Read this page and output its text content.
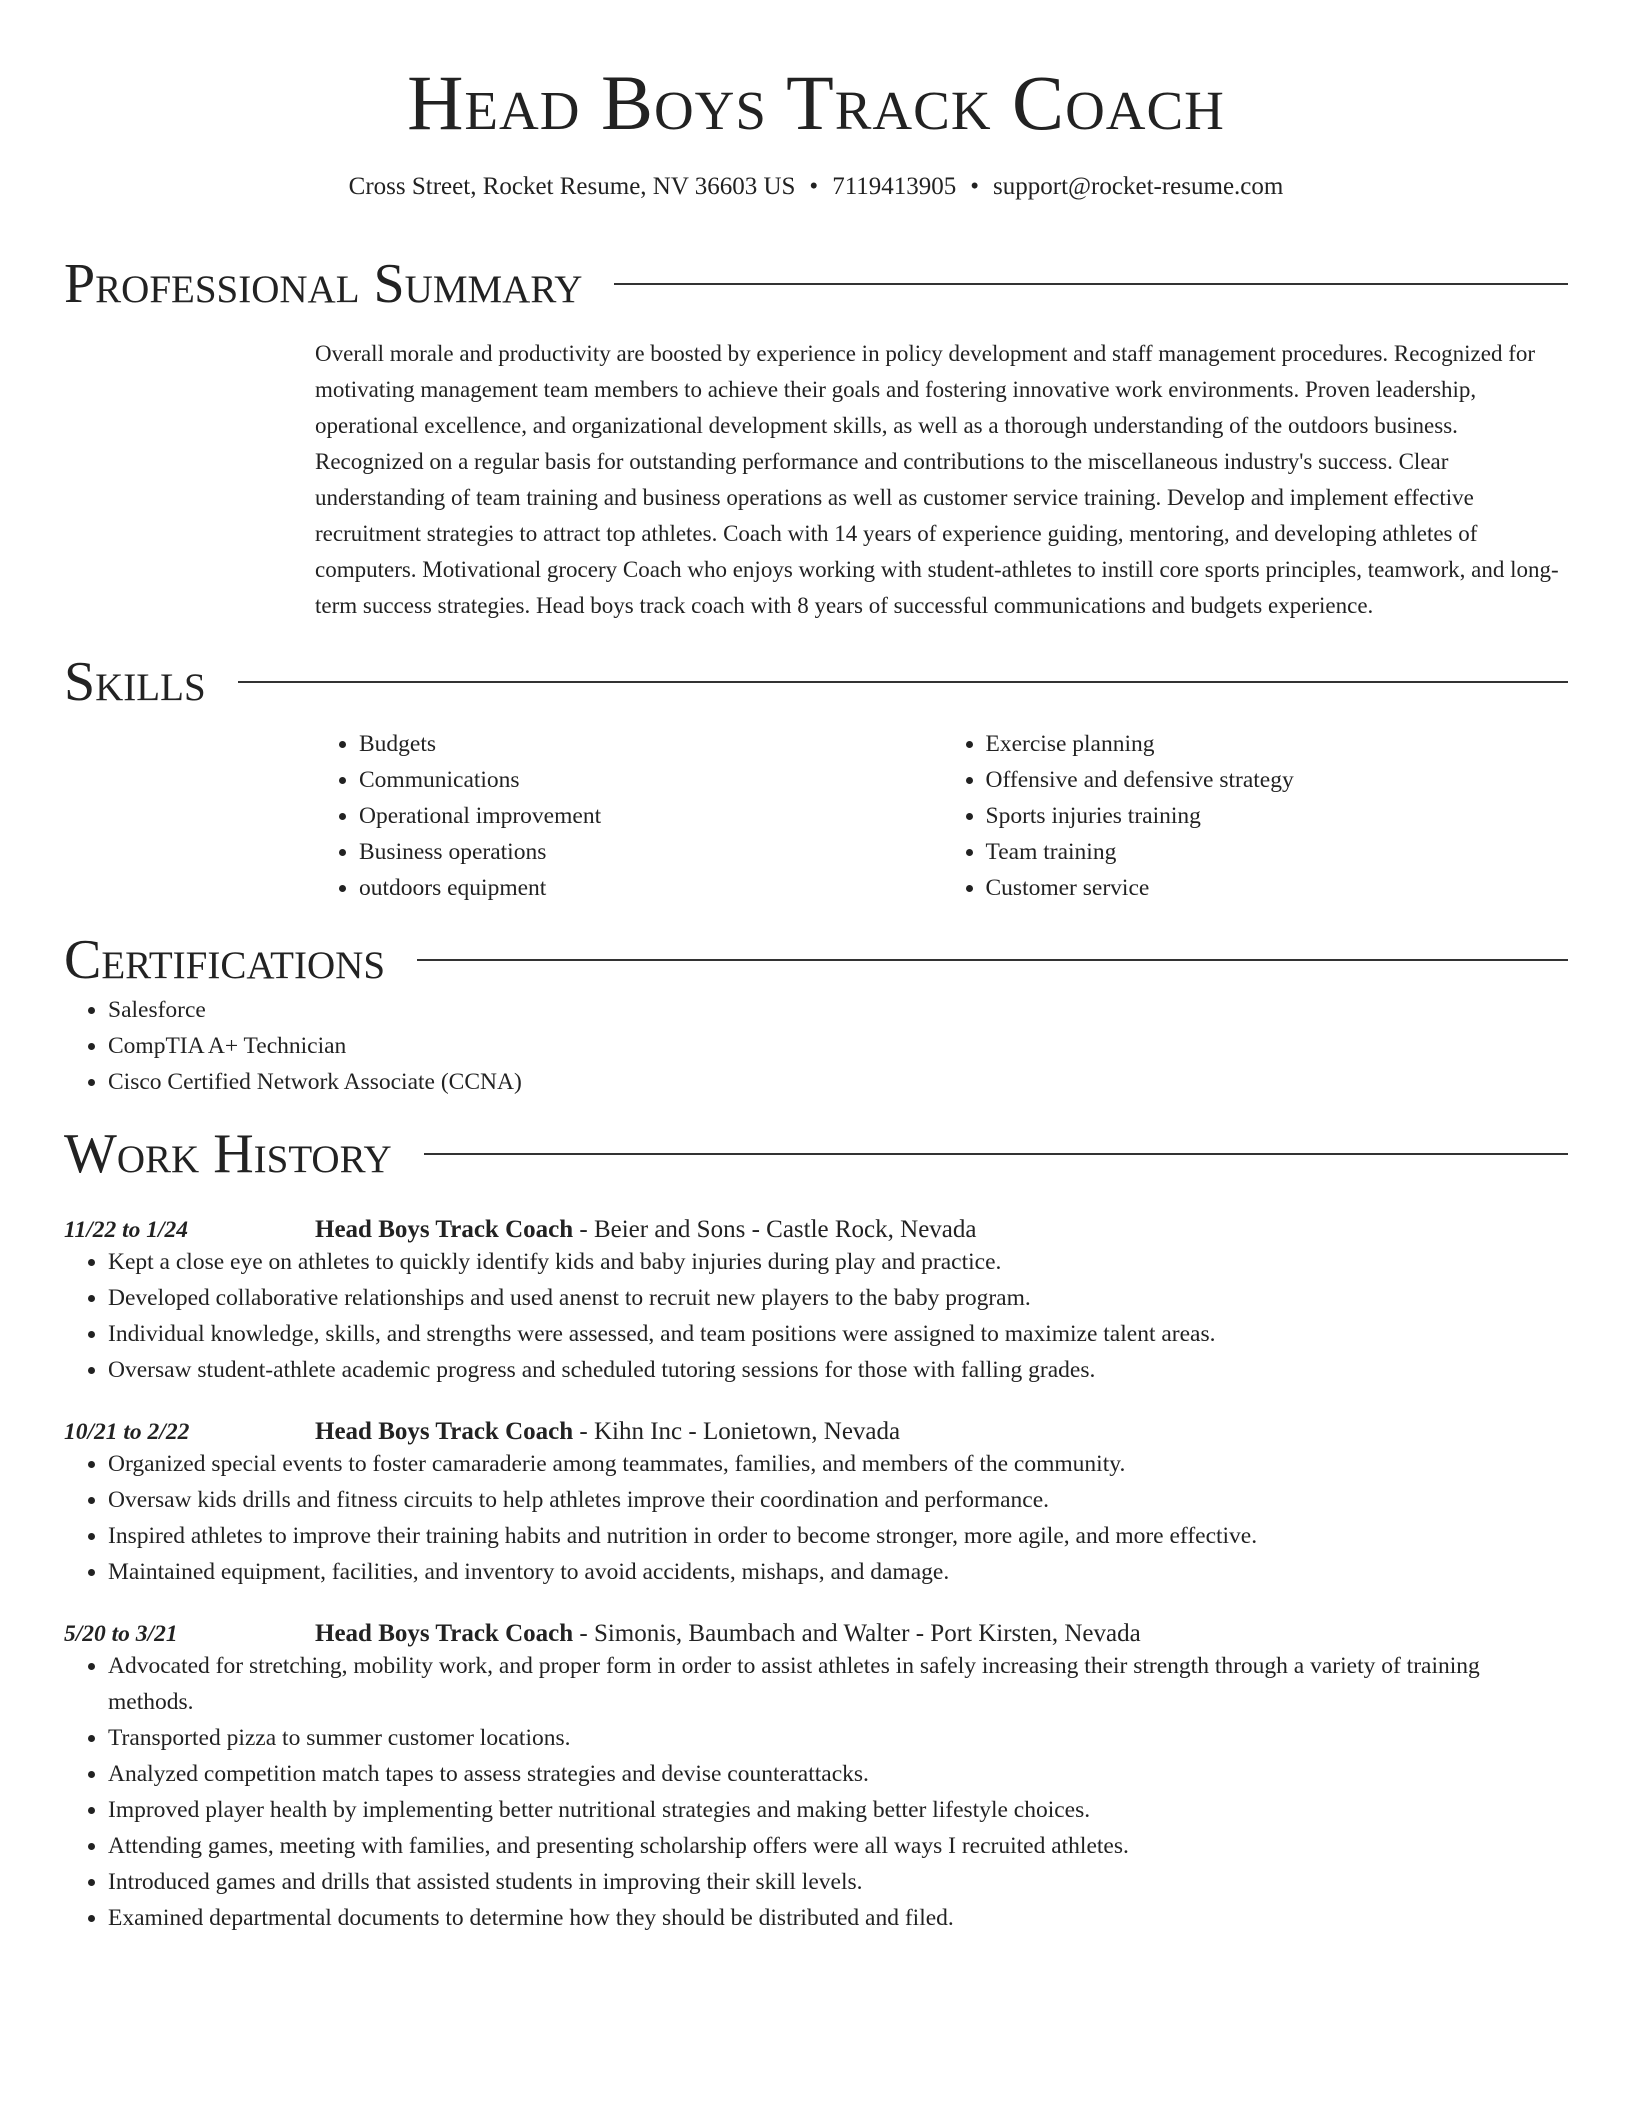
Head Boys Track Coach
Cross Street, Rocket Resume, NV 36603 US • 7119413905 • support@rocket-resume.com
Professional Summary

Overall morale and productivity are boosted by experience in policy development and staff management procedures. Recognized for motivating management team members to achieve their goals and fostering innovative work environments. Proven leadership, operational excellence, and organizational development skills, as well as a thorough understanding of the outdoors business. Recognized on a regular basis for outstanding performance and contributions to the miscellaneous industry's success. Clear understanding of team training and business operations as well as customer service training. Develop and implement effective recruitment strategies to attract top athletes. Coach with 14 years of experience guiding, mentoring, and developing athletes of computers. Motivational grocery Coach who enjoys working with student-athletes to instill core sports principles, teamwork, and long-term success strategies. Head boys track coach with 8 years of successful communications and budgets experience.

Skills
• Budgets
• Communications
• Operational improvement
• Business operations
• outdoors equipment
• Exercise planning
• Offensive and defensive strategy
• Sports injuries training
• Team training
• Customer service
Certifications
• Salesforce
• CompTIA A+ Technician
• Cisco Certified Network Associate (CCNA)
Work History
11/22 to 1/24	Head Boys Track Coach - Beier and Sons - Castle Rock, Nevada
• Kept a close eye on athletes to quickly identify kids and baby injuries during play and practice.
• Developed collaborative relationships and used anenst to recruit new players to the baby program.
• Individual knowledge, skills, and strengths were assessed, and team positions were assigned to maximize talent areas.
• Oversaw student-athlete academic progress and scheduled tutoring sessions for those with falling grades.
10/21 to 2/22	Head Boys Track Coach - Kihn Inc - Lonietown, Nevada
• Organized special events to foster camaraderie among teammates, families, and members of the community.
• Oversaw kids drills and fitness circuits to help athletes improve their coordination and performance.
• Inspired athletes to improve their training habits and nutrition in order to become stronger, more agile, and more effective.
• Maintained equipment, facilities, and inventory to avoid accidents, mishaps, and damage.
5/20 to 3/21	Head Boys Track Coach - Simonis, Baumbach and Walter - Port Kirsten, Nevada
• Advocated for stretching, mobility work, and proper form in order to assist athletes in safely increasing their strength through a variety of training methods.
• Transported pizza to summer customer locations.
• Analyzed competition match tapes to assess strategies and devise counterattacks.
• Improved player health by implementing better nutritional strategies and making better lifestyle choices.
• Attending games, meeting with families, and presenting scholarship offers were all ways I recruited athletes.
• Introduced games and drills that assisted students in improving their skill levels.
• Examined departmental documents to determine how they should be distributed and filed.
